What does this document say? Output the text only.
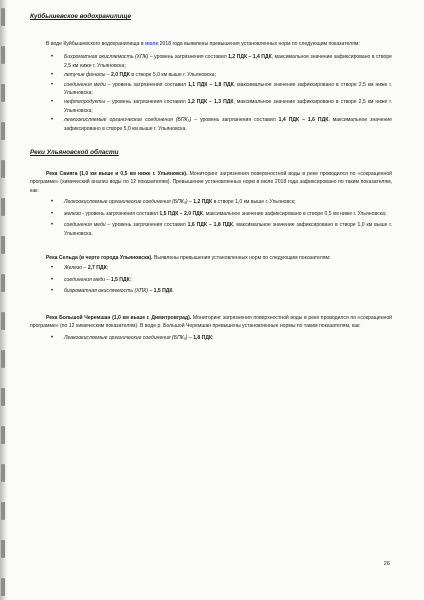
Куйбышевское водохранилище

В воде Куйбышевского водохранилища в июле 2018 года выявлены превышения установленных норм по следующим показателям:

• Бихроматная окисляемость (ХПК) – уровень загрязнения составил 1,2 ПДК – 1,4 ПДК, максимальное значение зафиксировано в створе 2,5 км ниже г. Ульяновска;
• летучие фенолы – 2,0 ПДК в створе 5,0 км выше г. Ульяновска;
• соединения меди – уровень загрязнения составил 1,1 ПДК – 1,8 ПДК, максимальное значение зафиксировано в створе 2,5 км ниже г. Ульяновска;
• нефтепродукты – уровень загрязнения составил 1,2 ПДК – 1,3 ПДК, максимальное значение зафиксировано в створе 2,5 км ниже г. Ульяновска;
• легкоокисляемые органические соединения (БПК₅) – уровень загрязнения составил 1,4 ПДК – 1,6 ПДК, максимальное значение зафиксировано в створе 5,0 км выше г. Ульяновска.

Реки Ульяновской области

Река Свияга (1,0 км выше и 0,5 км ниже г. Ульяновск). Мониторинг загрязнения поверхностной воды в реке проводился по «сокращенной программе» (химический анализ воды по 12 показателям). Превышение установленных норм в июле 2018 года зафиксировано по таким показателям, как:

• Леокоокисляемые органические соединения (БПК₅) – 1,2 ПДК в створе 1,0 км выше г. Ульяновск;
• железо - уровень загрязнения составил 1,5 ПДК – 2,0 ПДК, максимальное значение зафиксировано в створе 0,5 км ниже г. Ульяновска;
• соединения меди – уровень загрязнения составил 1,6 ПДК – 1,8 ПДК, максимальное значение зафиксировано в створе 1,0 км выше г. Ульяновска.

Река Сельда (в черте города Ульяновска). Выявлены превышения установленных норм по следующим показателям:

• Железо – 2,7 ПДК;
• соединения меди – 1,5 ПДК;
• бихроматная окисляемость (ХПК) – 1,5 ПДК.

Река Большой Черемшан (1,0 км выше г. Димитровград). Мониторинг загрязнения поверхностной воды в реке проводился по «сокращенной программе» (по 12 химическим показателям). В воде р. Большой Черемшан превышены установленные нормы по таким показателям, как:

• Леакоокисляемые органические соединения (БПК₅) – 1,8 ПДК;
26
